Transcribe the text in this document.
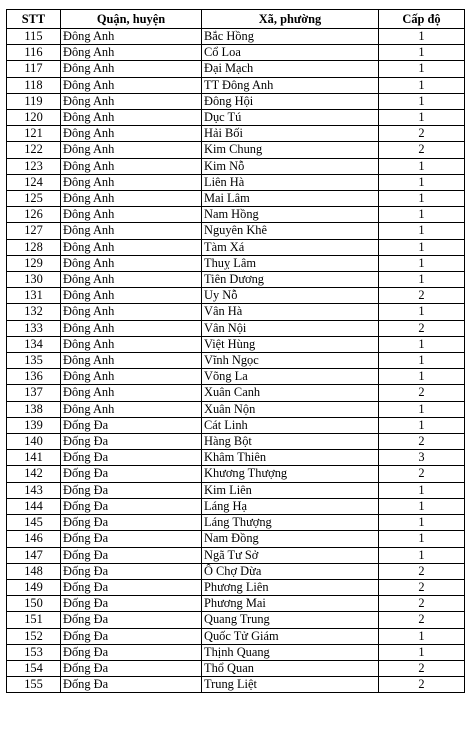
STT	Quận, huyện	Xã, phường	Cấp độ
115	Đông Anh	Bắc Hồng	1
116	Đông Anh	Cổ Loa	1
117	Đông Anh	Đại Mạch	1
118	Đông Anh	TT Đông Anh	1
119	Đông Anh	Đông Hội	1
120	Đông Anh	Dục Tú	1
121	Đông Anh	Hải Bối	2
122	Đông Anh	Kim Chung	2
123	Đông Anh	Kim Nỗ	1
124	Đông Anh	Liên Hà	1
125	Đông Anh	Mai Lâm	1
126	Đông Anh	Nam Hồng	1
127	Đông Anh	Nguyên Khê	1
128	Đông Anh	Tàm Xá	1
129	Đông Anh	Thuỵ Lâm	1
130	Đông Anh	Tiên Dương	1
131	Đông Anh	Uy Nỗ	2
132	Đông Anh	Vân Hà	1
133	Đông Anh	Vân Nội	2
134	Đông Anh	Việt Hùng	1
135	Đông Anh	Vĩnh Ngọc	1
136	Đông Anh	Võng La	1
137	Đông Anh	Xuân Canh	2
138	Đông Anh	Xuân Nộn	1
139	Đống Đa	Cát Linh	1
140	Đống Đa	Hàng Bột	2
141	Đống Đa	Khâm Thiên	3
142	Đống Đa	Khương Thượng	2
143	Đống Đa	Kim Liên	1
144	Đống Đa	Láng Hạ	1
145	Đống Đa	Láng Thượng	1
146	Đống Đa	Nam Đồng	1
147	Đống Đa	Ngã Tư Sở	1
148	Đống Đa	Ô Chợ Dừa	2
149	Đống Đa	Phương Liên	2
150	Đống Đa	Phương Mai	2
151	Đống Đa	Quang Trung	2
152	Đống Đa	Quốc Tử Giám	1
153	Đống Đa	Thịnh Quang	1
154	Đống Đa	Thổ Quan	2
155	Đống Đa	Trung Liệt	2
